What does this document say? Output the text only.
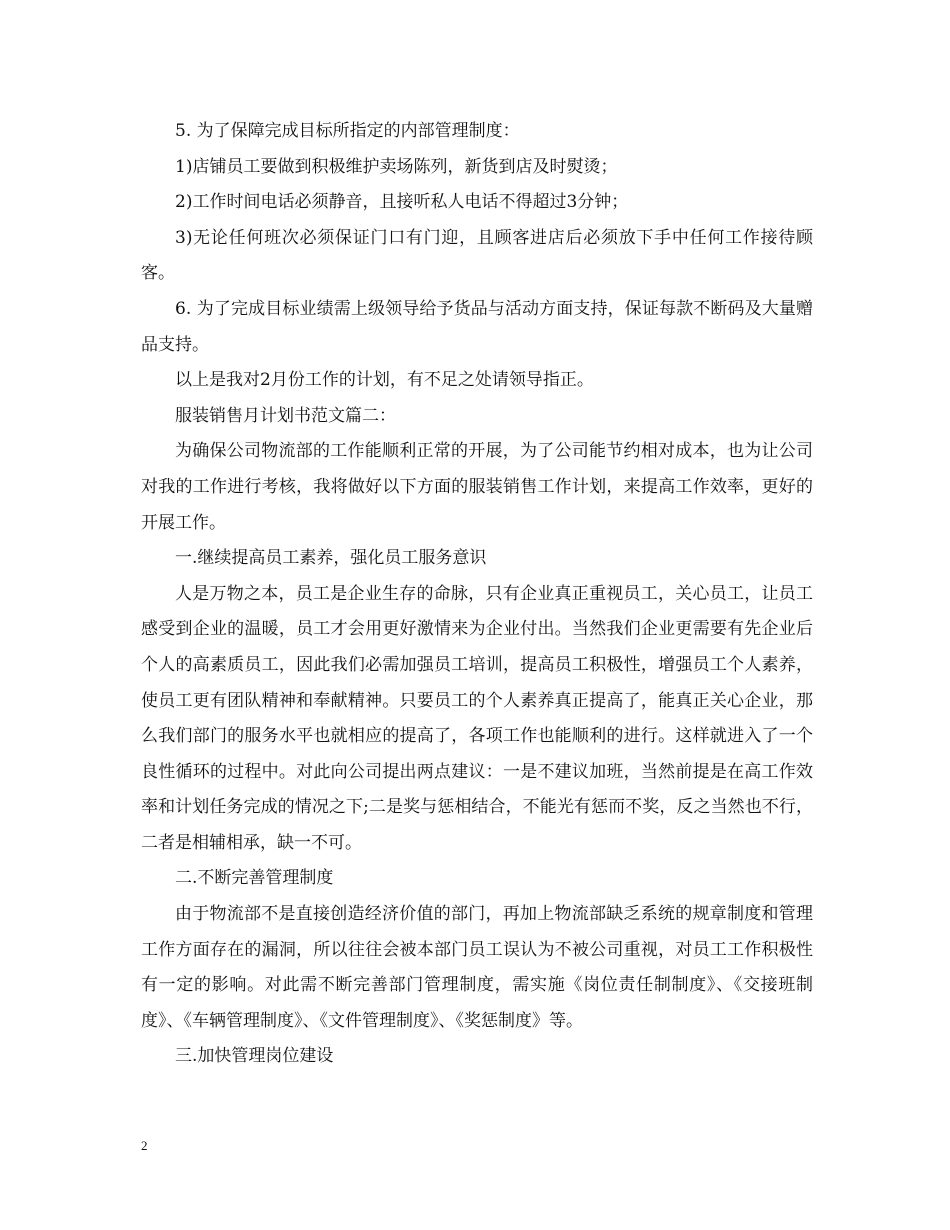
5. 为了保障完成目标所指定的内部管理制度：

1)店铺员工要做到积极维护卖场陈列，新货到店及时熨烫；

2)工作时间电话必须静音，且接听私人电话不得超过3分钟；

3)无论任何班次必须保证门口有门迎，且顾客进店后必须放下手中任何工作接待顾客。

6. 为了完成目标业绩需上级领导给予货品与活动方面支持，保证每款不断码及大量赠品支持。

以上是我对2月份工作的计划，有不足之处请领导指正。

服装销售月计划书范文篇二：

为确保公司物流部的工作能顺利正常的开展，为了公司能节约相对成本，也为让公司对我的工作进行考核，我将做好以下方面的服装销售工作计划，来提高工作效率，更好的开展工作。

一.继续提高员工素养，强化员工服务意识

人是万物之本，员工是企业生存的命脉，只有企业真正重视员工，关心员工，让员工感受到企业的温暖，员工才会用更好激情来为企业付出。当然我们企业更需要有先企业后个人的高素质员工，因此我们必需加强员工培训，提高员工积极性，增强员工个人素养，使员工更有团队精神和奉献精神。只要员工的个人素养真正提高了，能真正关心企业，那么我们部门的服务水平也就相应的提高了，各项工作也能顺利的进行。这样就进入了一个良性循环的过程中。对此向公司提出两点建议：一是不建议加班，当然前提是在高工作效率和计划任务完成的情况之下;二是奖与惩相结合，不能光有惩而不奖，反之当然也不行，二者是相辅相承，缺一不可。

二.不断完善管理制度

由于物流部不是直接创造经济价值的部门，再加上物流部缺乏系统的规章制度和管理工作方面存在的漏洞，所以往往会被本部门员工误认为不被公司重视，对员工工作积极性有一定的影响。对此需不断完善部门管理制度，需实施《岗位责任制制度》、《交接班制度》、《车辆管理制度》、《文件管理制度》、《奖惩制度》等。

三.加快管理岗位建设

2
